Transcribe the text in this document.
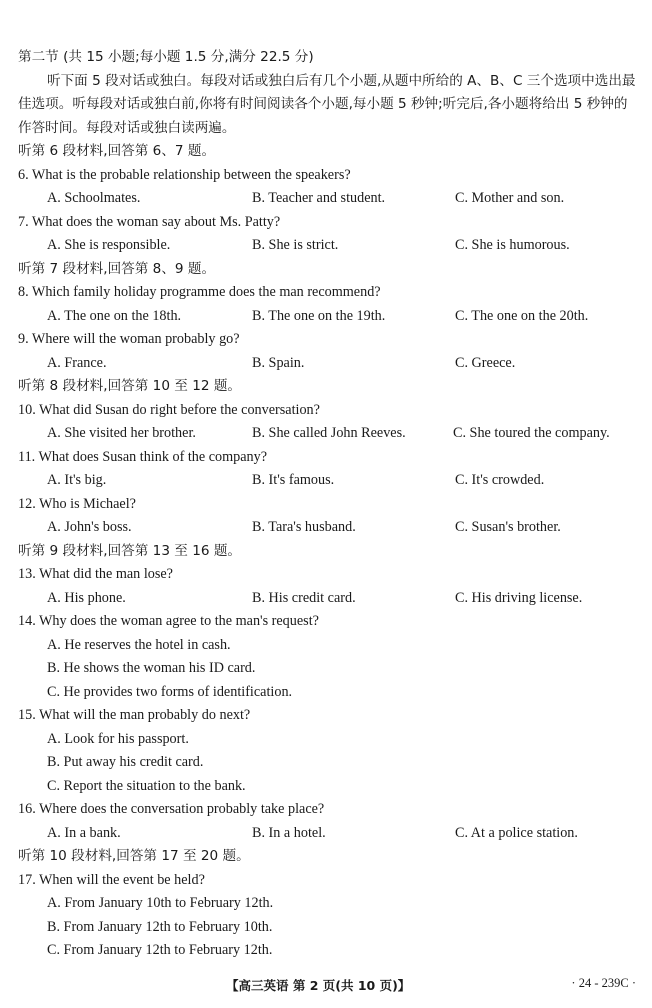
第二节 (共 15 小题;每小题 1.5 分,满分 22.5 分)
听下面 5 段对话或独白。每段对话或独白后有几个小题,从题中所给的 A、B、C 三个选项中选出最佳选项。听每段对话或独白前,你将有时间阅读各个小题,每小题 5 秒钟;听完后,各小题将给出 5 秒钟的作答时间。每段对话或独白读两遍。
听第 6 段材料,回答第 6、7 题。
6. What is the probable relationship between the speakers?
A. Schoolmates.	B. Teacher and student.	C. Mother and son.
7. What does the woman say about Ms. Patty?
A. She is responsible.	B. She is strict.	C. She is humorous.
听第 7 段材料,回答第 8、9 题。
8. Which family holiday programme does the man recommend?
A. The one on the 18th.	B. The one on the 19th.	C. The one on the 20th.
9. Where will the woman probably go?
A. France.	B. Spain.	C. Greece.
听第 8 段材料,回答第 10 至 12 题。
10. What did Susan do right before the conversation?
A. She visited her brother.	B. She called John Reeves.	C. She toured the company.
11. What does Susan think of the company?
A. It's big.	B. It's famous.	C. It's crowded.
12. Who is Michael?
A. John's boss.	B. Tara's husband.	C. Susan's brother.
听第 9 段材料,回答第 13 至 16 题。
13. What did the man lose?
A. His phone.	B. His credit card.	C. His driving license.
14. Why does the woman agree to the man's request?
A. He reserves the hotel in cash.
B. He shows the woman his ID card.
C. He provides two forms of identification.
15. What will the man probably do next?
A. Look for his passport.
B. Put away his credit card.
C. Report the situation to the bank.
16. Where does the conversation probably take place?
A. In a bank.	B. In a hotel.	C. At a police station.
听第 10 段材料,回答第 17 至 20 题。
17. When will the event be held?
A. From January 10th to February 12th.
B. From January 12th to February 10th.
C. From January 12th to February 12th.
【高三英语 第 2 页(共 10 页)】	· 24 - 239C ·
